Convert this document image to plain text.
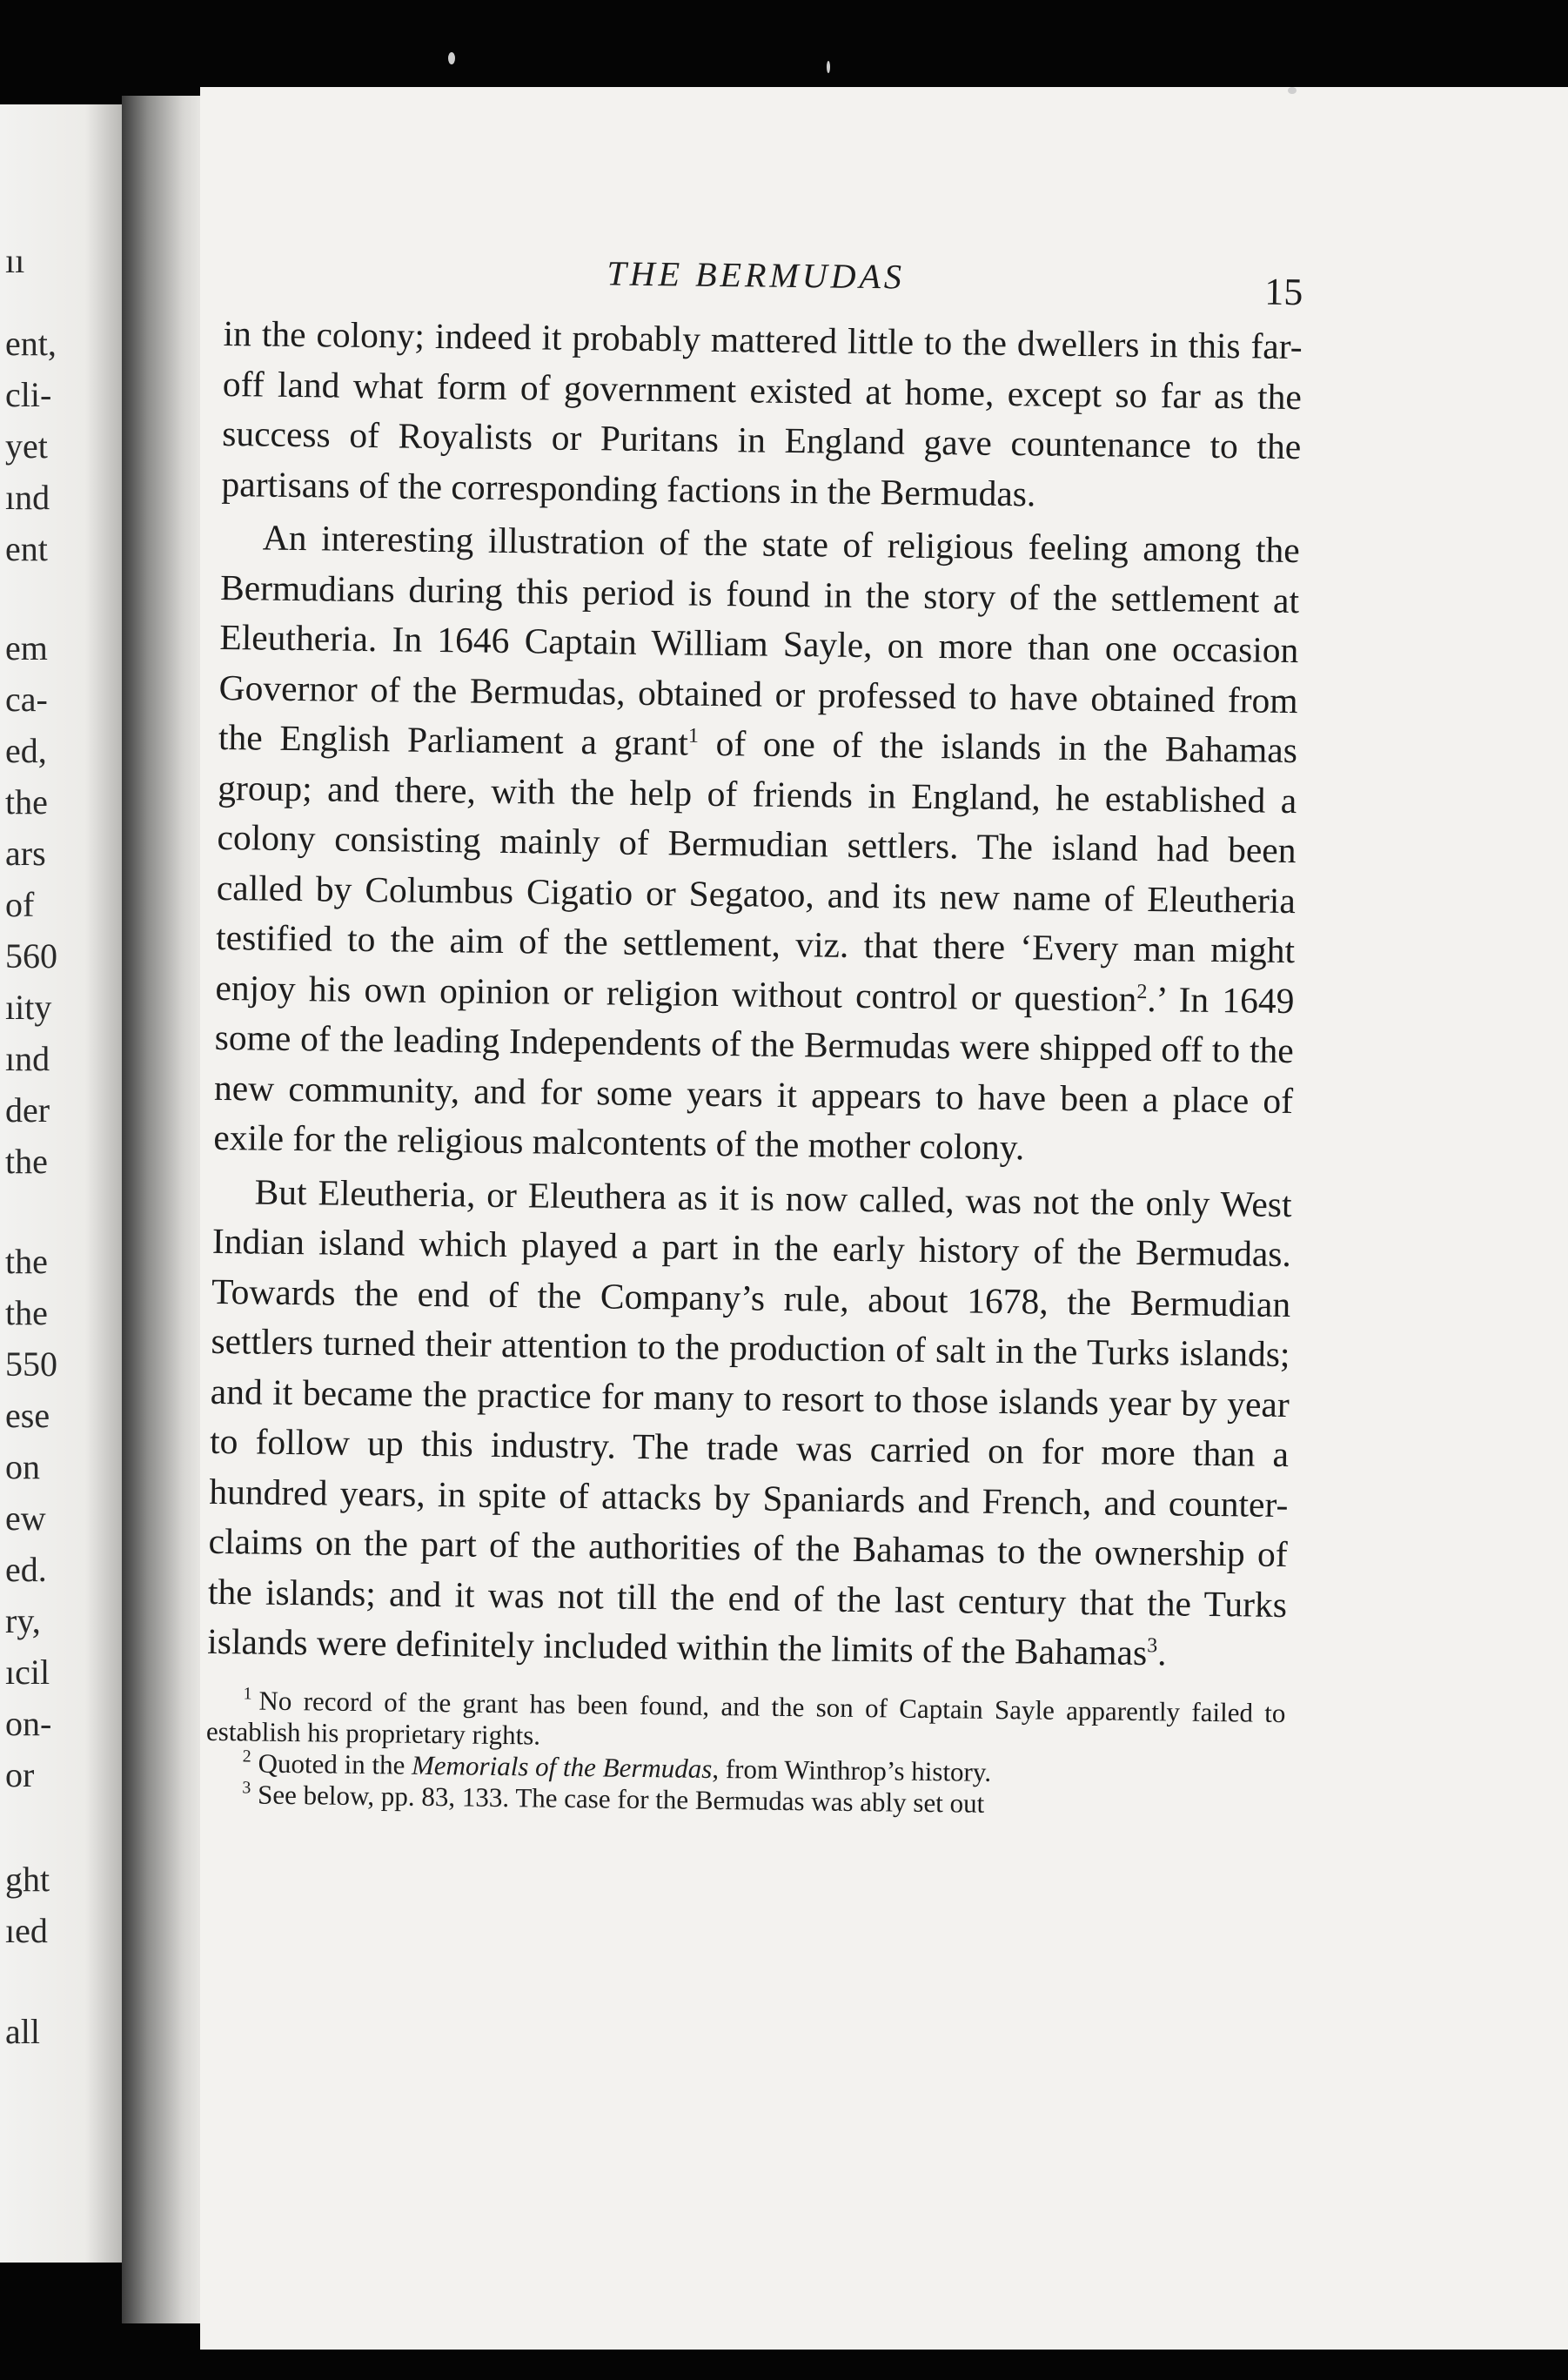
ıı
ent,
cli-
yet
ınd
ent
em
ca-
ed,
the
ars
of
560
ıity
ınd
der
the
the
the
550
ese
on
ew
ed.
ry,
ıcil
on-
or
ght
ıed
all
THE BERMUDAS	15

in the colony; indeed it probably mattered little to the dwellers in this far-off land what form of government existed at home, except so far as the success of Royalists or Puritans in England gave countenance to the partisans of the corresponding factions in the Bermudas.

An interesting illustration of the state of religious feeling among the Bermudians during this period is found in the story of the settlement at Eleutheria. In 1646 Captain William Sayle, on more than one occasion Governor of the Bermudas, obtained or professed to have obtained from the English Parliament a grant$^1$ of one of the islands in the Bahamas group; and there, with the help of friends in England, he established a colony consisting mainly of Bermudian settlers. The island had been called by Columbus Cigatio or Segatoo, and its new name of Eleutheria testified to the aim of the settlement, viz. that there ‘Every man might enjoy his own opinion or religion without control or question$^2$.’ In 1649 some of the leading Independents of the Bermudas were shipped off to the new community, and for some years it appears to have been a place of exile for the religious malcontents of the mother colony.

But Eleutheria, or Eleuthera as it is now called, was not the only West Indian island which played a part in the early history of the Bermudas. Towards the end of the Company’s rule, about 1678, the Bermudian settlers turned their attention to the production of salt in the Turks islands; and it became the practice for many to resort to those islands year by year to follow up this industry. The trade was carried on for more than a hundred years, in spite of attacks by Spaniards and French, and counter-claims on the part of the authorities of the Bahamas to the ownership of the islands; and it was not till the end of the last century that the Turks islands were definitely included within the limits of the Bahamas$^3$.

$^1$ No record of the grant has been found, and the son of Captain Sayle apparently failed to establish his proprietary rights.

$^2$ Quoted in the Memorials of the Bermudas, from Winthrop’s history.

$^3$ See below, pp. 83, 133. The case for the Bermudas was ably set out
